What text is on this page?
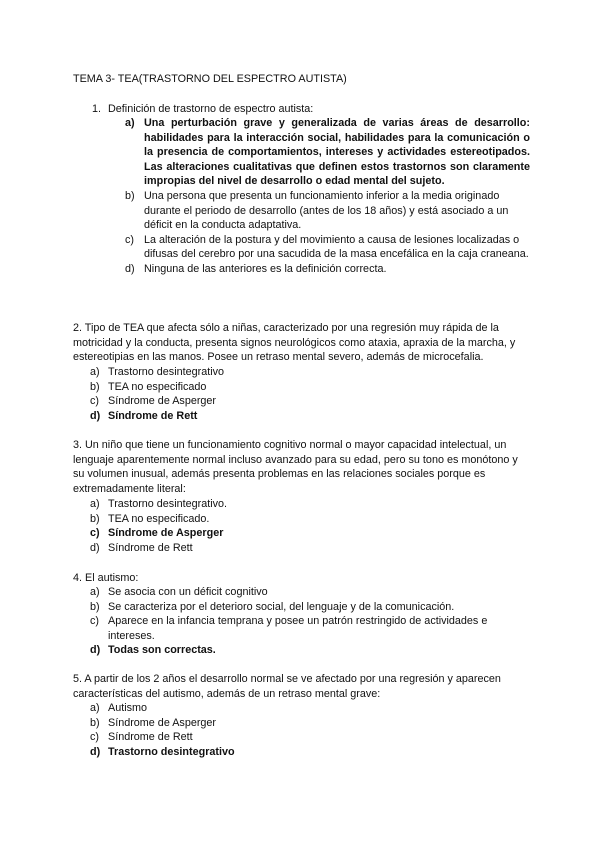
TEMA 3- TEA(TRASTORNO DEL ESPECTRO AUTISTA)
1. Definición de trastorno de espectro autista:
a) Una perturbación grave y generalizada de varias áreas de desarrollo: habilidades para la interacción social, habilidades para la comunicación o la presencia de comportamientos, intereses y actividades estereotipados. Las alteraciones cualitativas que definen estos trastornos son claramente impropias del nivel de desarrollo o edad mental del sujeto.
b) Una persona que presenta un funcionamiento inferior a la media originado durante el periodo de desarrollo (antes de los 18 años) y está asociado a un déficit en la conducta adaptativa.
c) La alteración de la postura y del movimiento a causa de lesiones localizadas o difusas del cerebro por una sacudida de la masa encefálica en la caja craneana.
d) Ninguna de las anteriores es la definición correcta.
2. Tipo de TEA que afecta sólo a niñas, caracterizado por una regresión muy rápida de la motricidad y la conducta, presenta signos neurológicos como ataxia, apraxia de la marcha, y estereotipias en las manos. Posee un retraso mental severo, además de microcefalia.
a) Trastorno desintegrativo
b) TEA no especificado
c) Síndrome de Asperger
d) Síndrome de Rett
3. Un niño que tiene un funcionamiento cognitivo normal o mayor capacidad intelectual, un lenguaje aparentemente normal incluso avanzado para su edad, pero su tono es monótono y su volumen inusual, además presenta problemas en las relaciones sociales porque es extremadamente literal:
a) Trastorno desintegrativo.
b) TEA no especificado.
c) Síndrome de Asperger
d) Síndrome de Rett
4. El autismo:
a) Se asocia con un déficit cognitivo
b) Se caracteriza por el deterioro social, del lenguaje y de la comunicación.
c) Aparece en la infancia temprana y posee un patrón restringido de actividades e intereses.
d) Todas son correctas.
5. A partir de los 2 años el desarrollo normal se ve afectado por una regresión y aparecen características del autismo, además de un retraso mental grave:
a) Autismo
b) Síndrome de Asperger
c) Síndrome de Rett
d) Trastorno desintegrativo
